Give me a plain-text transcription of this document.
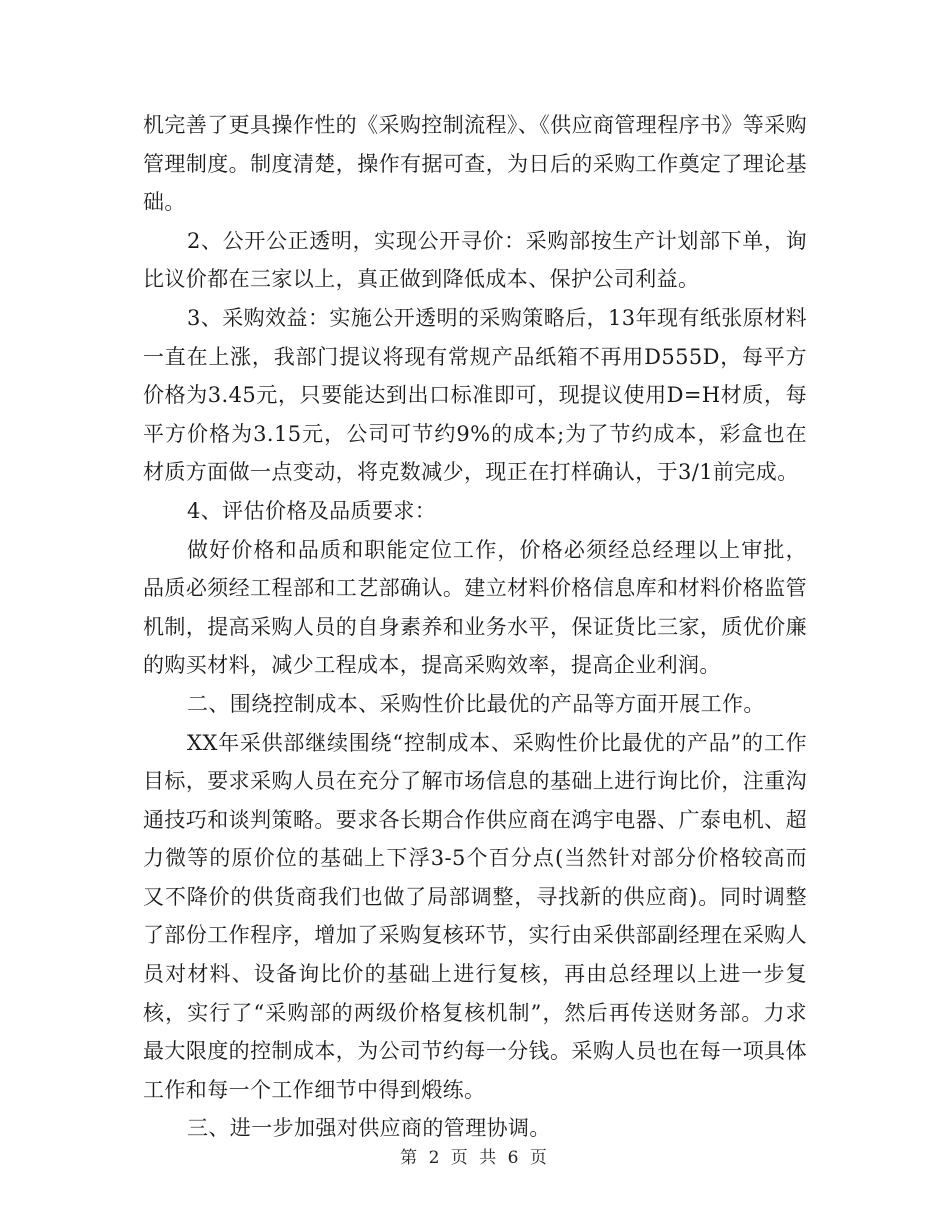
机完善了更具操作性的《采购控制流程》、《供应商管理程序书》等采购管理制度。制度清楚，操作有据可查，为日后的采购工作奠定了理论基础。

2、公开公正透明，实现公开寻价：采购部按生产计划部下单，询比议价都在三家以上，真正做到降低成本、保护公司利益。

3、采购效益：实施公开透明的采购策略后，13年现有纸张原材料一直在上涨，我部门提议将现有常规产品纸箱不再用D555D，每平方价格为3.45元，只要能达到出口标准即可，现提议使用D=H材质，每平方价格为3.15元，公司可节约9%的成本;为了节约成本，彩盒也在材质方面做一点变动，将克数减少，现正在打样确认，于3/1前完成。

4、评估价格及品质要求：

做好价格和品质和职能定位工作，价格必须经总经理以上审批，品质必须经工程部和工艺部确认。建立材料价格信息库和材料价格监管机制，提高采购人员的自身素养和业务水平，保证货比三家，质优价廉的购买材料，减少工程成本，提高采购效率，提高企业利润。

二、围绕控制成本、采购性价比最优的产品等方面开展工作。

XX年采供部继续围绕“控制成本、采购性价比最优的产品”的工作目标，要求采购人员在充分了解市场信息的基础上进行询比价，注重沟通技巧和谈判策略。要求各长期合作供应商在鸿宇电器、广泰电机、超力微等的原价位的基础上下浮3-5个百分点(当然针对部分价格较高而又不降价的供货商我们也做了局部调整，寻找新的供应商)。同时调整了部份工作程序，增加了采购复核环节，实行由采供部副经理在采购人员对材料、设备询比价的基础上进行复核，再由总经理以上进一步复核，实行了“采购部的两级价格复核机制”，然后再传送财务部。力求最大限度的控制成本，为公司节约每一分钱。采购人员也在每一项具体工作和每一个工作细节中得到煅练。

三、进一步加强对供应商的管理协调。

第 2 页 共 6 页
